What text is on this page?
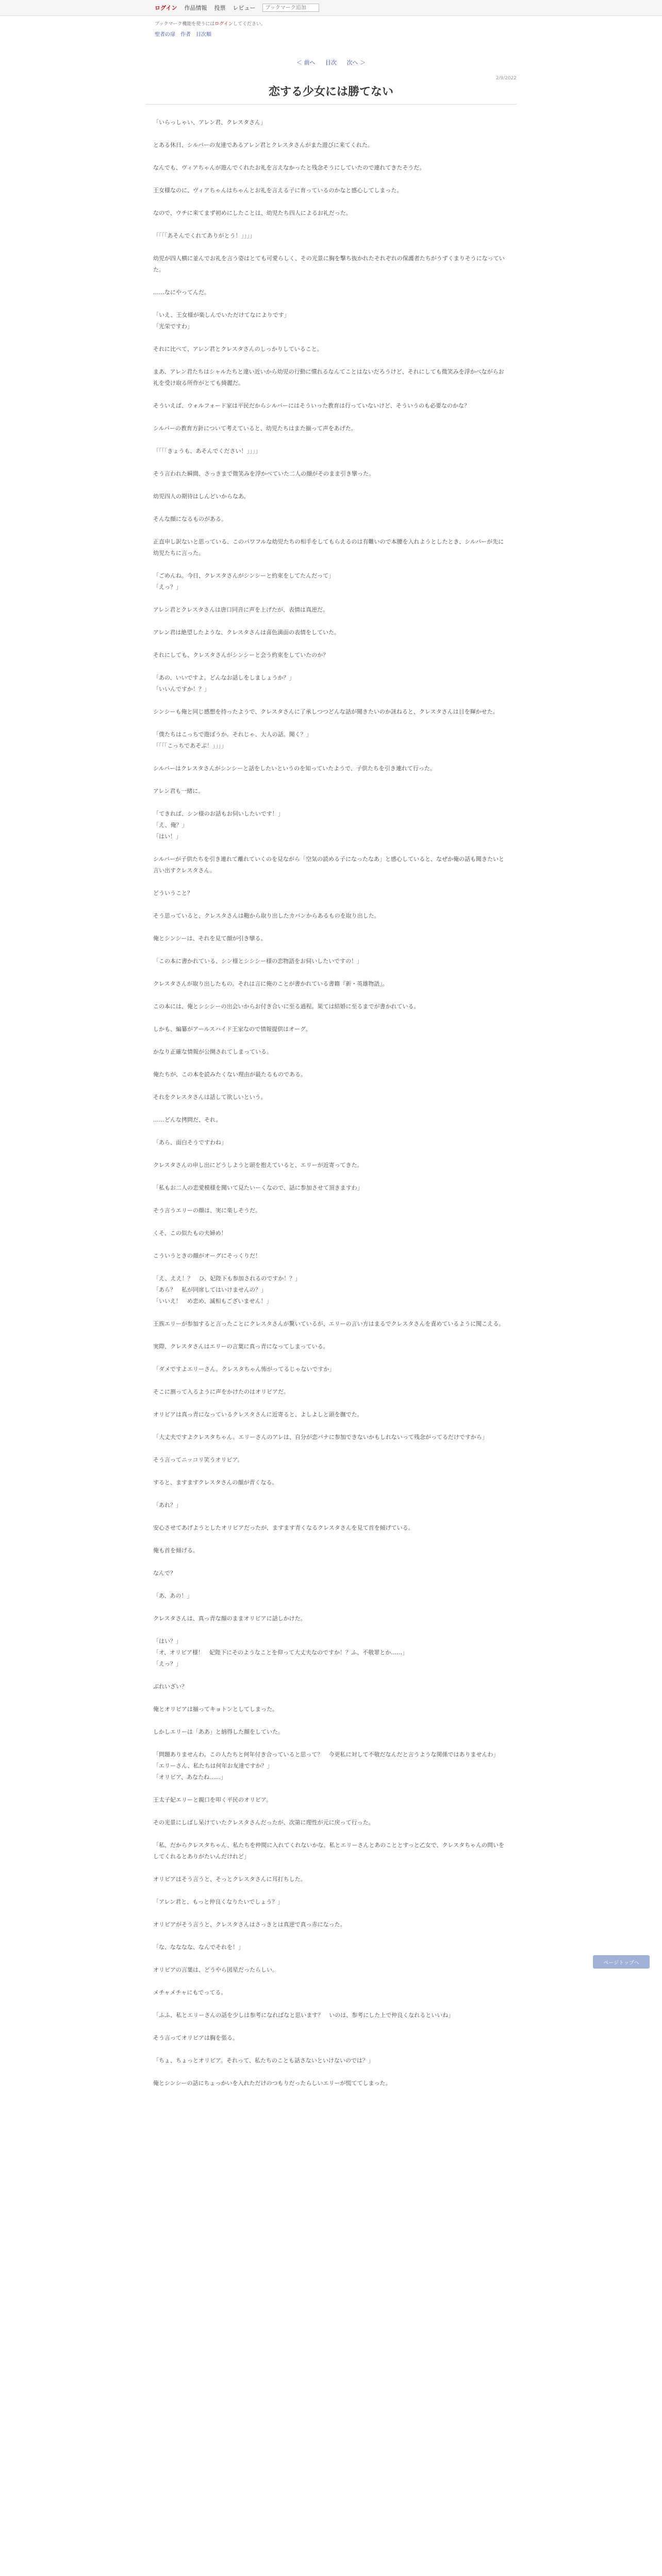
ログイン 作品情報 投票 レビュー
ブックマーク追加
ブックマーク機能を使うにはログインしてください。
聖者の扉 作者 目次順
＜ 前へ 目次 次へ ＞
2/9/2022
恋する少女には勝てない

「いらっしゃい、アレン君、クレスタさん」

とある休日、シルバーの友達であるアレン君とクレスタさんがまた遊びに来てくれた。

なんでも、ヴィアちゃんが遊んでくれたお礼を言えなかったと残念そうにしていたので連れてきたそうだ。

王女様なのに、ヴィアちゃんはちゃんとお礼を言える子に育っているのかなと感心してしまった。

なので、ウチに来てまず初めにしたことは、幼児たち四人によるお礼だった。

「「「「あそんでくれてありがとう！」」」」

幼児が四人横に並んでお礼を言う姿はとても可愛らしく、その光景に胸を撃ち抜かれたそれぞれの保護者たちがうずくまりそうになっていた。

……なにやってんだ。

「いえ、王女様が楽しんでいただけてなによりです」
「光栄ですわ」

それに比べて、アレン君とクレスタさんのしっかりしていること。

まあ、アレン君たちはシャルたちと違い近いから幼児の行動に慣れるなんてことはないだろうけど、それにしても微笑みを浮かべながらお礼を受け取る所作がとても綺麗だ。

そういえば、ウォルフォード家は平民だからシルバーにはそういった教育は行っていないけど、そういうのも必要なのかな？

シルバーの教育方針について考えていると、幼児たちはまた揃って声をあげた。

「「「「きょうも、あそんでください！」」」」

そう言われた瞬間、さっきまで微笑みを浮かべていた二人の顔がそのまま引き攣った。

幼児四人の期待はしんどいからなあ。

そんな顔になるものがある。

正直申し訳ないと思っている、このパワフルな幼児たちの相手をしてもらえるのは有難いので本腰を入れようとしたとき、シルバーが先に幼児たちに言った。

「ごめんね。今日、クレスタさんがシンシーと約束をしてたんだって」
「えっ？」

アレン君とクレスタさんは唐口同音に声を上げたが、表情は真逆だ。

アレン君は絶望したような、クレスタさんは喜色満面の表情をしていた。

それにしても、クレスタさんがシンシーと会う約束をしていたのか？

「あの、いいですよ。どんなお話しをしましょうか？」
「いいんですか！？」

シンシーも俺と同じ感想を持ったようで、クレスタさんに了承しつつどんな話が聞きたいのか訊ねると、クレスタさんは目を輝かせた。

「僕たちはこっちで遊ぼうか。それじゃ、大人の話。聞く？」
「「「「こっちであそぶ！」」」」

シルバーはクレスタさんがシンシーと話をしたいというのを知っていたようで、子供たちを引き連れて行った。

アレン君も一緒に。

「てきれば、シン様のお話もお伺いしたいです！」
「え、俺？」
「はい！」

シルバーが子供たちを引き連れて離れていくのを見ながら「空気の読める子になったなあ」と感心していると、なぜか俺の話も聞きたいと言い出すクレスタさん。

どういうこと？

そう思っていると、クレスタさんは鞄から取り出したカバンからあるものを取り出した。

俺とシンシーは、それを見て顔が引き攣る。

「この本に書かれている、シン様とシシシー様の恋物語をお伺いしたいですの！」

クレスタさんが取り出したもの。それは言に俺のことが書かれている書籍『新・英雄物語』。

この本には、俺とシシシーの出会いからお付き合いに至る過程。果ては結婚に至るまでが書かれている。

しかも、編纂がアールスハイド王家なので情報提供はオーグ。

かなり正確な情報が公開されてしまっている。

俺たちが、この本を読みたくない理由が最たるものである。

それをクレスタさんは話して欲しいという。

……どんな拷問だ、それ。

「あら、面白そうですわね」

クレスタさんの申し出にどうしようと頭を抱えていると、エリーが近寄ってきた。

「私もお二人の恋愛模様を聞いて見たいーくなので、話に参加させて頂きますわ」

そう言うエリーの顔は、実に楽しそうだ。

くそ、この似たもの夫婦め！

こういうときの顔がオーグにそっくりだ！

「え、ええ！？　ひ、妃陛下も参加されるのですか！？」
「あら？　私が同席してはいけませんの？」
「いいえ！　め恋め、滅相もございません！」

王族エリーが参加すると言ったことにクレスタさんが驚いているが、エリーの言い方はまるでクレスタさんを責めているように聞こえる。

実際、クレスタさんはエリーの言葉に真っ青になってしまっている。

「ダメですよエリーさん。クレスタちゃん怖がってるじゃないですか」

そこに割って入るように声をかけたのはオリビアだ。

オリビアは真っ青になっているクレスタさんに近寄ると、よしよしと頭を撫でた。

「大丈夫ですよクレスタちゃん。エリーさんのアレは、自分が恋バナに参加できないかもしれないって残念がってるだけですから」

そう言ってニッコリ笑うオリビア。

すると、ますますクレスタさんの顔が青くなる。

「あれ？」

安心させてあげようとしたオリビアだったが、ますます青くなるクレスタさんを見て首を傾げている。

俺も首を傾げる。

なんで？

「あ、あの！」

クレスタさんは、真っ青な顔のままオリビアに話しかけた。

「はい？」
「オ、オリビア様！　妃陛下にそのようなことを仰って大丈夫なのですか！？ふ、不敬罪とか……」
「えっ？」

ぶれいざい？

俺とオリビアは揃ってキョトンとしてしまった。

しかしエリーは「ああ」と納得した顔をしていた。

「問題ありませんわ。この人たちと何年付き合っていると思って？　今更私に対して不敬だなんだと言うような関係ではありませんわ」
「エリーさん、私たちは何年お友達ですか？」
「オリビア、あなたね……」

王太子妃エリーと親口を叩く平民のオリビア。

その光景にしばし呆けていたクレスタさんだったが、次第に理性が元に戻って行った。

「私、だからクレスタちゃん、私たちを仲間に入れてくれないかな。私とエリーさんとあのこととすっと乙女で、クレスタちゃんの問いをしてくれるとありがたいんだけれど」

オリビアはそう言うと、そっとクレスタさんに耳打ちした。

「アレン君と、もっと仲良くなりたいでしょう？」

オリビアがそう言うと、クレスタさんはさっきとは真逆で真っ赤になった。

「な、なななな、なんでそれを！」

オリビアの言葉は、どうやら図星だったらしい。

メチャメチャにもでってる。

「ふふ、私とエリーさんの話を少しは参考になればなと思います？　いのは、参考にした上で仲良くなれるといいね」

そう言ってオリビアは胸を張る。

「ちょ、ちょっとオリビア。それって、私たちのことも話さないといけないのでは？」

俺とシンシーの話にちょっかいを入れただけのつもりだったらしいエリーが慌ててしまった。

ページトップへ
